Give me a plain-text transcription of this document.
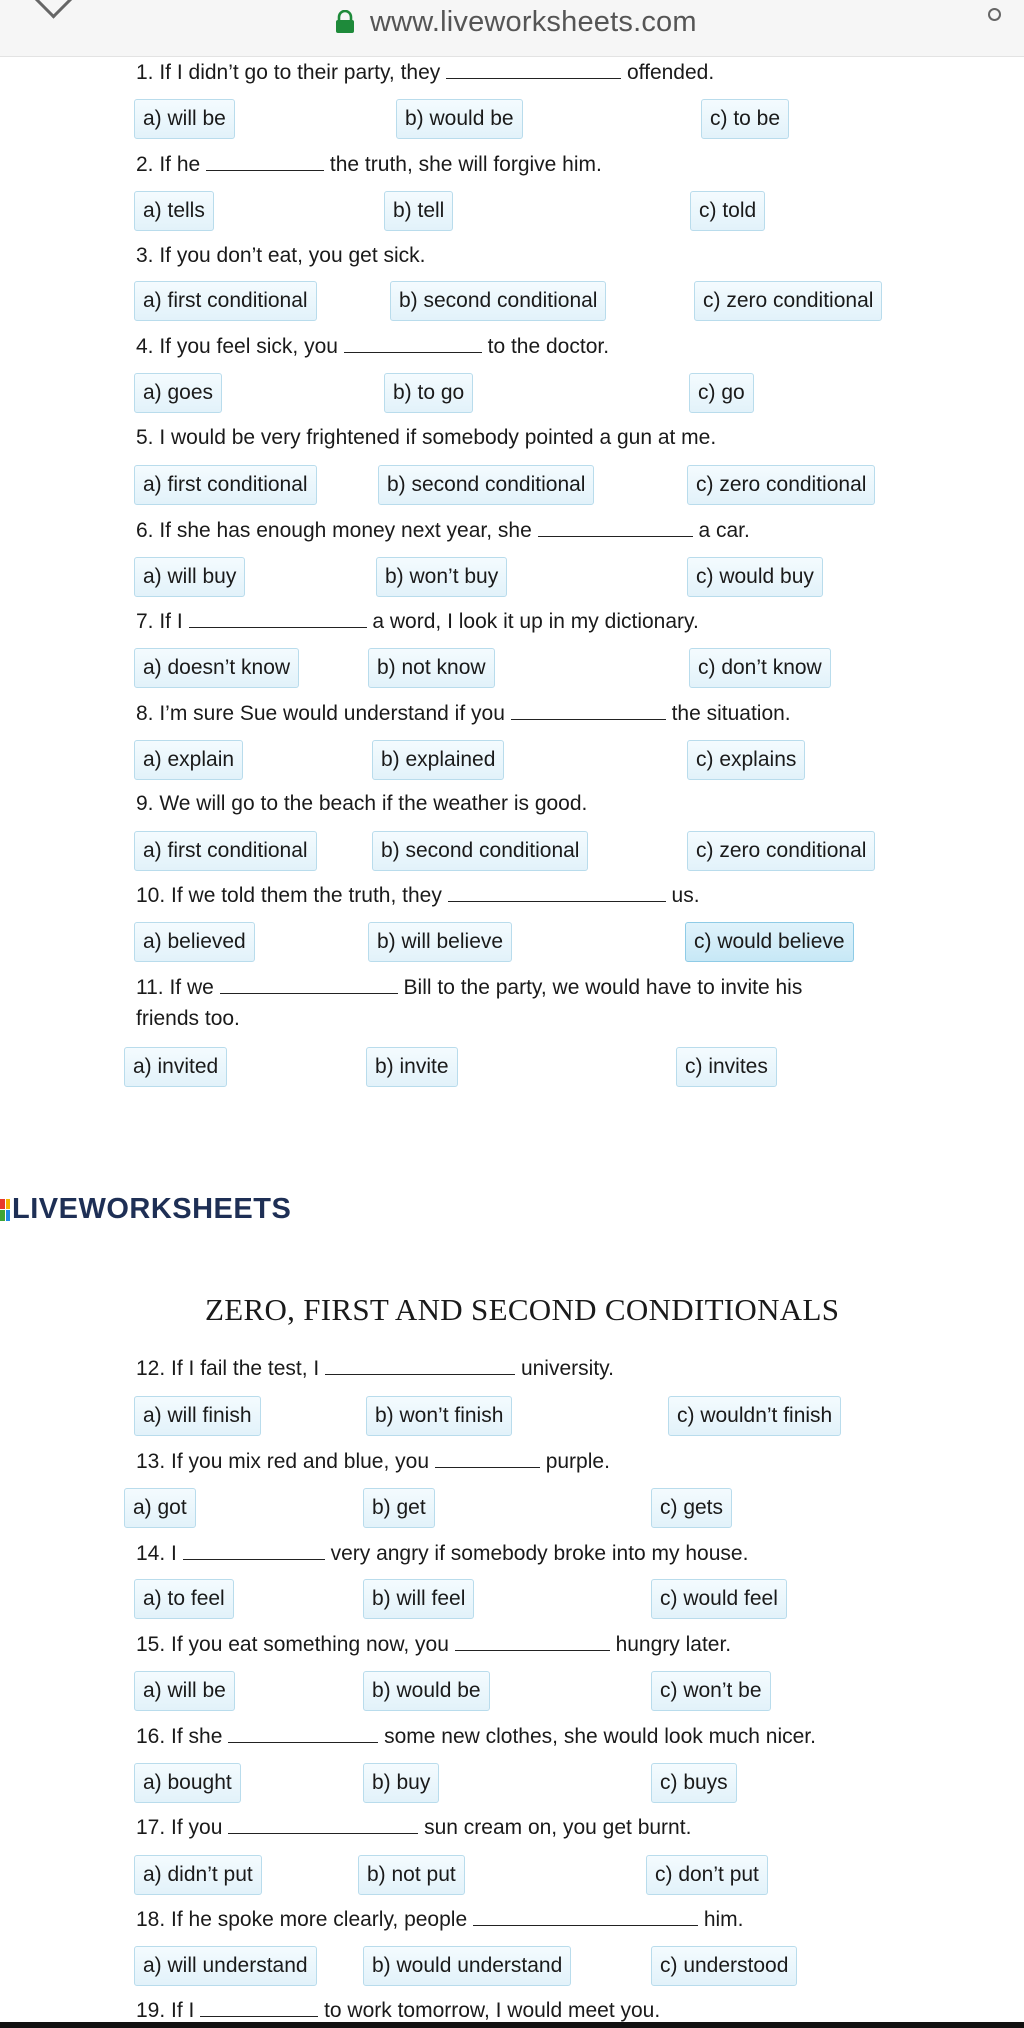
www.liveworksheets.com
1. If I didn’t go to their party, they	offended.
a) will be	b) would be	c) to be
2. If he	the truth, she will forgive him.
a) tells	b) tell	c) told
3. If you don’t eat, you get sick.
a) first conditional	b) second conditional	c) zero conditional
4. If you feel sick, you	to the doctor.
a) goes	b) to go	c) go
5. I would be very frightened if somebody pointed a gun at me.
a) first conditional	b) second conditional	c) zero conditional
6. If she has enough money next year, she	a car.
a) will buy	b) won’t buy	c) would buy
7. If I	a word, I look it up in my dictionary.
a) doesn’t know	b) not know	c) don’t know
8. I’m sure Sue would understand if you	the situation.
a) explain	b) explained	c) explains
9. We will go to the beach if the weather is good.
a) first conditional	b) second conditional	c) zero conditional
10. If we told them the truth, they	us.
a) believed	b) will believe	c) would believe
11. If we	Bill to the party, we would have to invite his
friends too.
a) invited	b) invite	c) invites
LIVEWORKSHEETS
ZERO, FIRST AND SECOND CONDITIONALS
12. If I fail the test, I	university.
a) will finish	b) won’t finish	c) wouldn’t finish
13. If you mix red and blue, you	purple.
a) got	b) get	c) gets
14. I	very angry if somebody broke into my house.
a) to feel	b) will feel	c) would feel
15. If you eat something now, you	hungry later.
a) will be	b) would be	c) won’t be
16. If she	some new clothes, she would look much nicer.
a) bought	b) buy	c) buys
17. If you	sun cream on, you get burnt.
a) didn’t put	b) not put	c) don’t put
18. If he spoke more clearly, people	him.
a) will understand	b) would understand	c) understood
19. If I	to work tomorrow, I would meet you.
